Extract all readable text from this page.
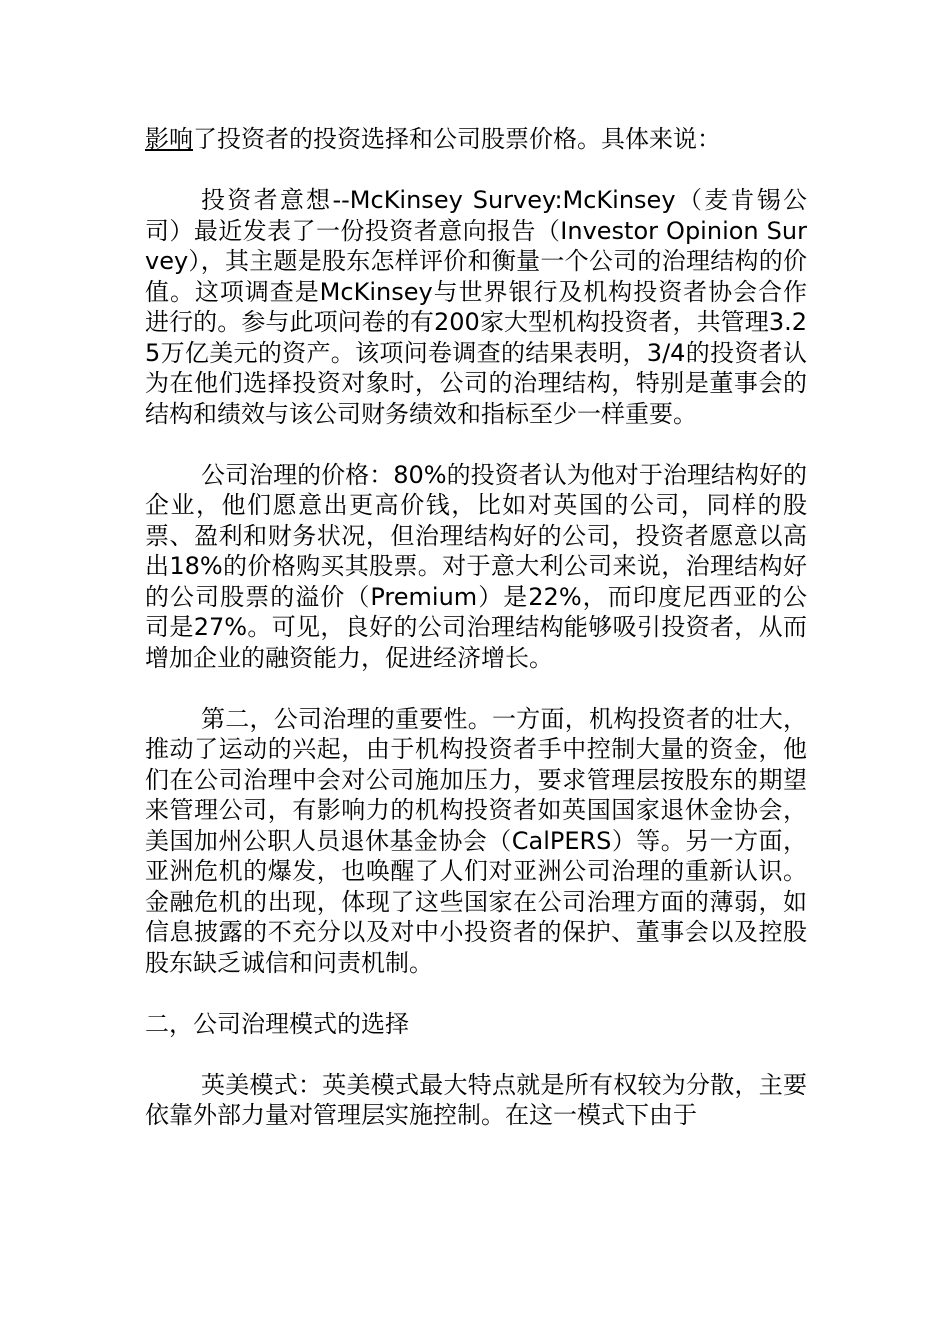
影响了投资者的投资选择和公司股票价格。具体来说：

投资者意想--McKinsey Survey:McKinsey（麦肯锡公司）最近发表了一份投资者意向报告（Investor Opinion Survey），其主题是股东怎样评价和衡量一个公司的治理结构的价值。这项调查是McKinsey与世界银行及机构投资者协会合作进行的。参与此项问卷的有200家大型机构投资者，共管理3.25万亿美元的资产。该项问卷调查的结果表明，3/4的投资者认为在他们选择投资对象时，公司的治理结构，特别是董事会的结构和绩效与该公司财务绩效和指标至少一样重要。

公司治理的价格：80%的投资者认为他对于治理结构好的企业，他们愿意出更高价钱，比如对英国的公司，同样的股票、盈利和财务状况，但治理结构好的公司，投资者愿意以高出18%的价格购买其股票。对于意大利公司来说，治理结构好的公司股票的溢价（Premium）是22%，而印度尼西亚的公司是27%。可见，良好的公司治理结构能够吸引投资者，从而增加企业的融资能力，促进经济增长。

第二，公司治理的重要性。一方面，机构投资者的壮大，推动了运动的兴起，由于机构投资者手中控制大量的资金，他们在公司治理中会对公司施加压力，要求管理层按股东的期望来管理公司，有影响力的机构投资者如英国国家退休金协会，美国加州公职人员退休基金协会（CalPERS）等。另一方面，亚洲危机的爆发，也唤醒了人们对亚洲公司治理的重新认识。金融危机的出现，体现了这些国家在公司治理方面的薄弱，如信息披露的不充分以及对中小投资者的保护、董事会以及控股股东缺乏诚信和问责机制。

二，公司治理模式的选择

英美模式：英美模式最大特点就是所有权较为分散，主要依靠外部力量对管理层实施控制。在这一模式下由于
